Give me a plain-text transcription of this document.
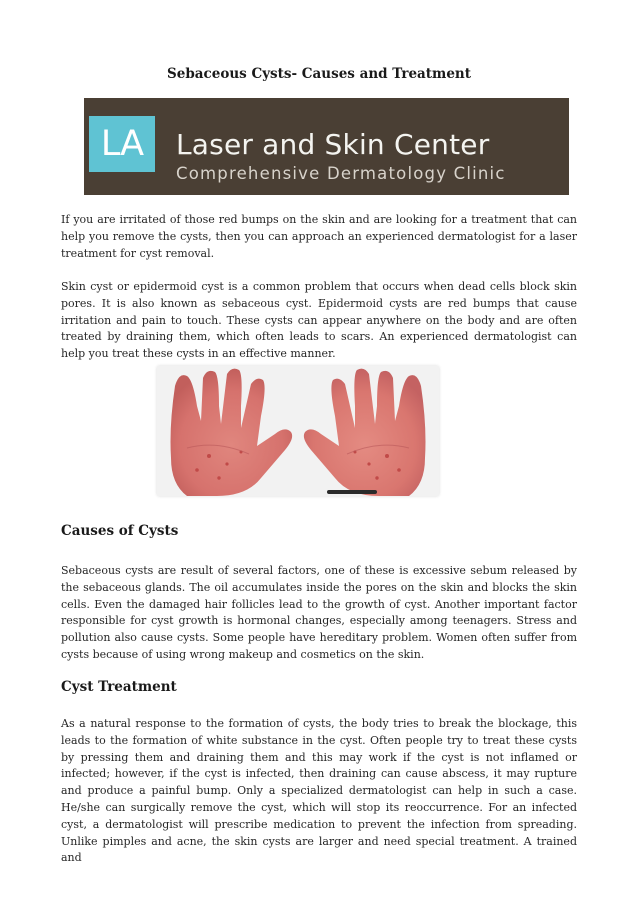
Sebaceous Cysts- Causes and Treatment
LA	Laser and Skin Center
Comprehensive Dermatology Clinic

If you are irritated of those red bumps on the skin and are looking for a treatment that can help you remove the cysts, then you can approach an experienced dermatologist for a laser treatment for cyst removal.

Skin cyst or epidermoid cyst is a common problem that occurs when dead cells block skin pores. It is also known as sebaceous cyst. Epidermoid cysts are red bumps that cause irritation and pain to touch. These cysts can appear anywhere on the body and are often treated by draining them, which often leads to scars. An experienced dermatologist can help you treat these cysts in an effective manner.

Causes of Cysts

Sebaceous cysts are result of several factors, one of these is excessive sebum released by the sebaceous glands. The oil accumulates inside the pores on the skin and blocks the skin cells. Even the damaged hair follicles lead to the growth of cyst. Another important factor responsible for cyst growth is hormonal changes, especially among teenagers. Stress and pollution also cause cysts. Some people have hereditary problem. Women often suffer from cysts because of using wrong makeup and cosmetics on the skin.

Cyst Treatment

As a natural response to the formation of cysts, the body tries to break the blockage, this leads to the formation of white substance in the cyst. Often people try to treat these cysts by pressing them and draining them and this may work if the cyst is not inflamed or infected; however, if the cyst is infected, then draining can cause abscess, it may rupture and produce a painful bump. Only a specialized dermatologist can help in such a case. He/she can surgically remove the cyst, which will stop its reoccurrence. For an infected cyst, a dermatologist will prescribe medication to prevent the infection from spreading. Unlike pimples and acne, the skin cysts are larger and need special treatment. A trained and
